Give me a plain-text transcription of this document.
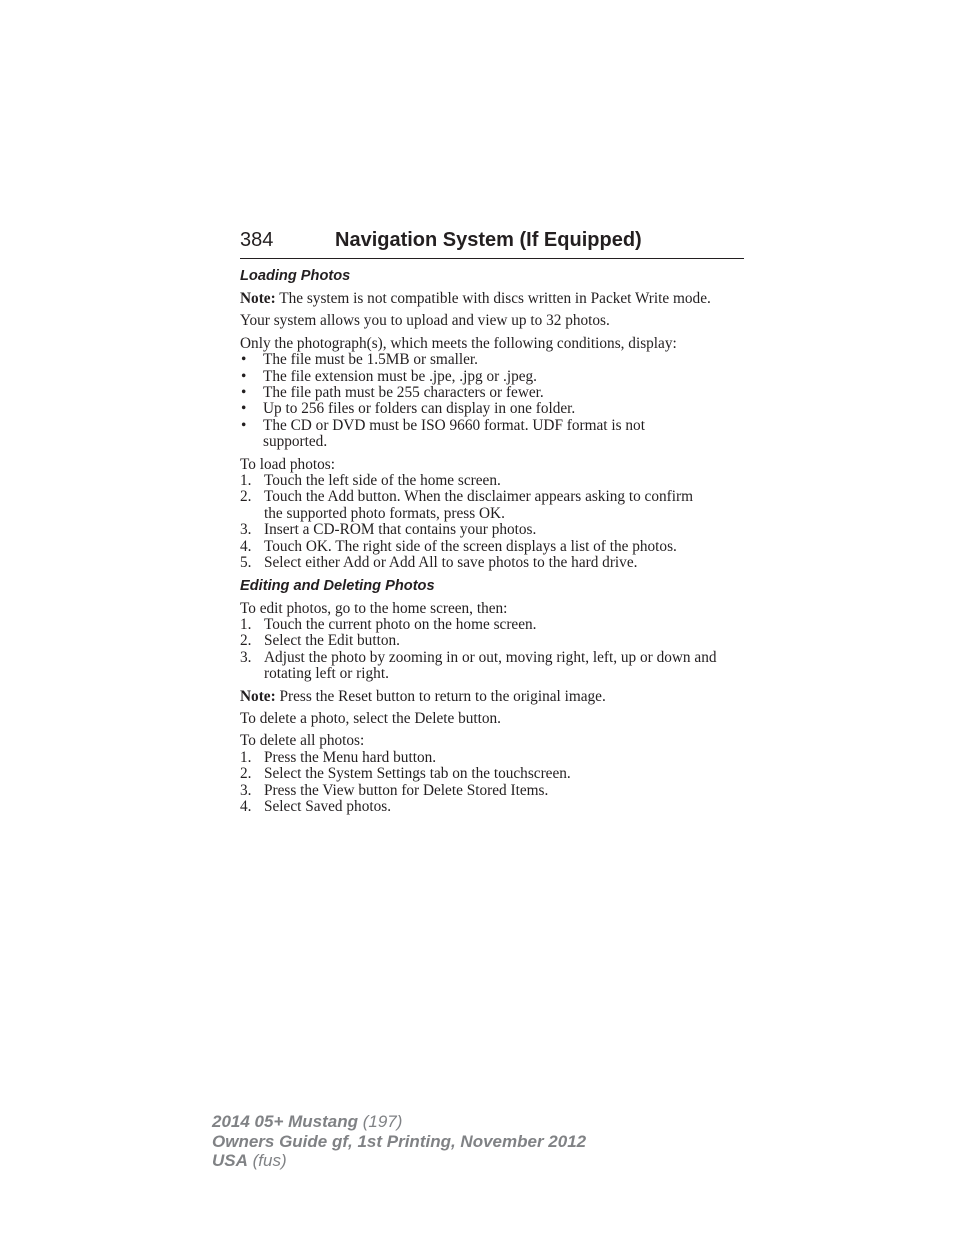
384	Navigation System (If Equipped)
Loading Photos

Note: The system is not compatible with discs written in Packet Write mode.

Your system allows you to upload and view up to 32 photos.

Only the photograph(s), which meets the following conditions, display:
• The file must be 1.5MB or smaller.
• The file extension must be .jpe, .jpg or .jpeg.
• The file path must be 255 characters or fewer.
• Up to 256 files or folders can display in one folder.
• The CD or DVD must be ISO 9660 format. UDF format is not supported.
To load photos:
1. Touch the left side of the home screen.
2. Touch the Add button. When the disclaimer appears asking to confirm the supported photo formats, press OK.
3. Insert a CD-ROM that contains your photos.
4. Touch OK. The right side of the screen displays a list of the photos.
5. Select either Add or Add All to save photos to the hard drive.
Editing and Deleting Photos
To edit photos, go to the home screen, then:
1. Touch the current photo on the home screen.
2. Select the Edit button.
3. Adjust the photo by zooming in or out, moving right, left, up or down and rotating left or right.

Note: Press the Reset button to return to the original image.

To delete a photo, select the Delete button.

To delete all photos:
1. Press the Menu hard button.
2. Select the System Settings tab on the touchscreen.
3. Press the View button for Delete Stored Items.
4. Select Saved photos.
2014 05+ Mustang (197)
Owners Guide gf, 1st Printing, November 2012
USA (fus)
